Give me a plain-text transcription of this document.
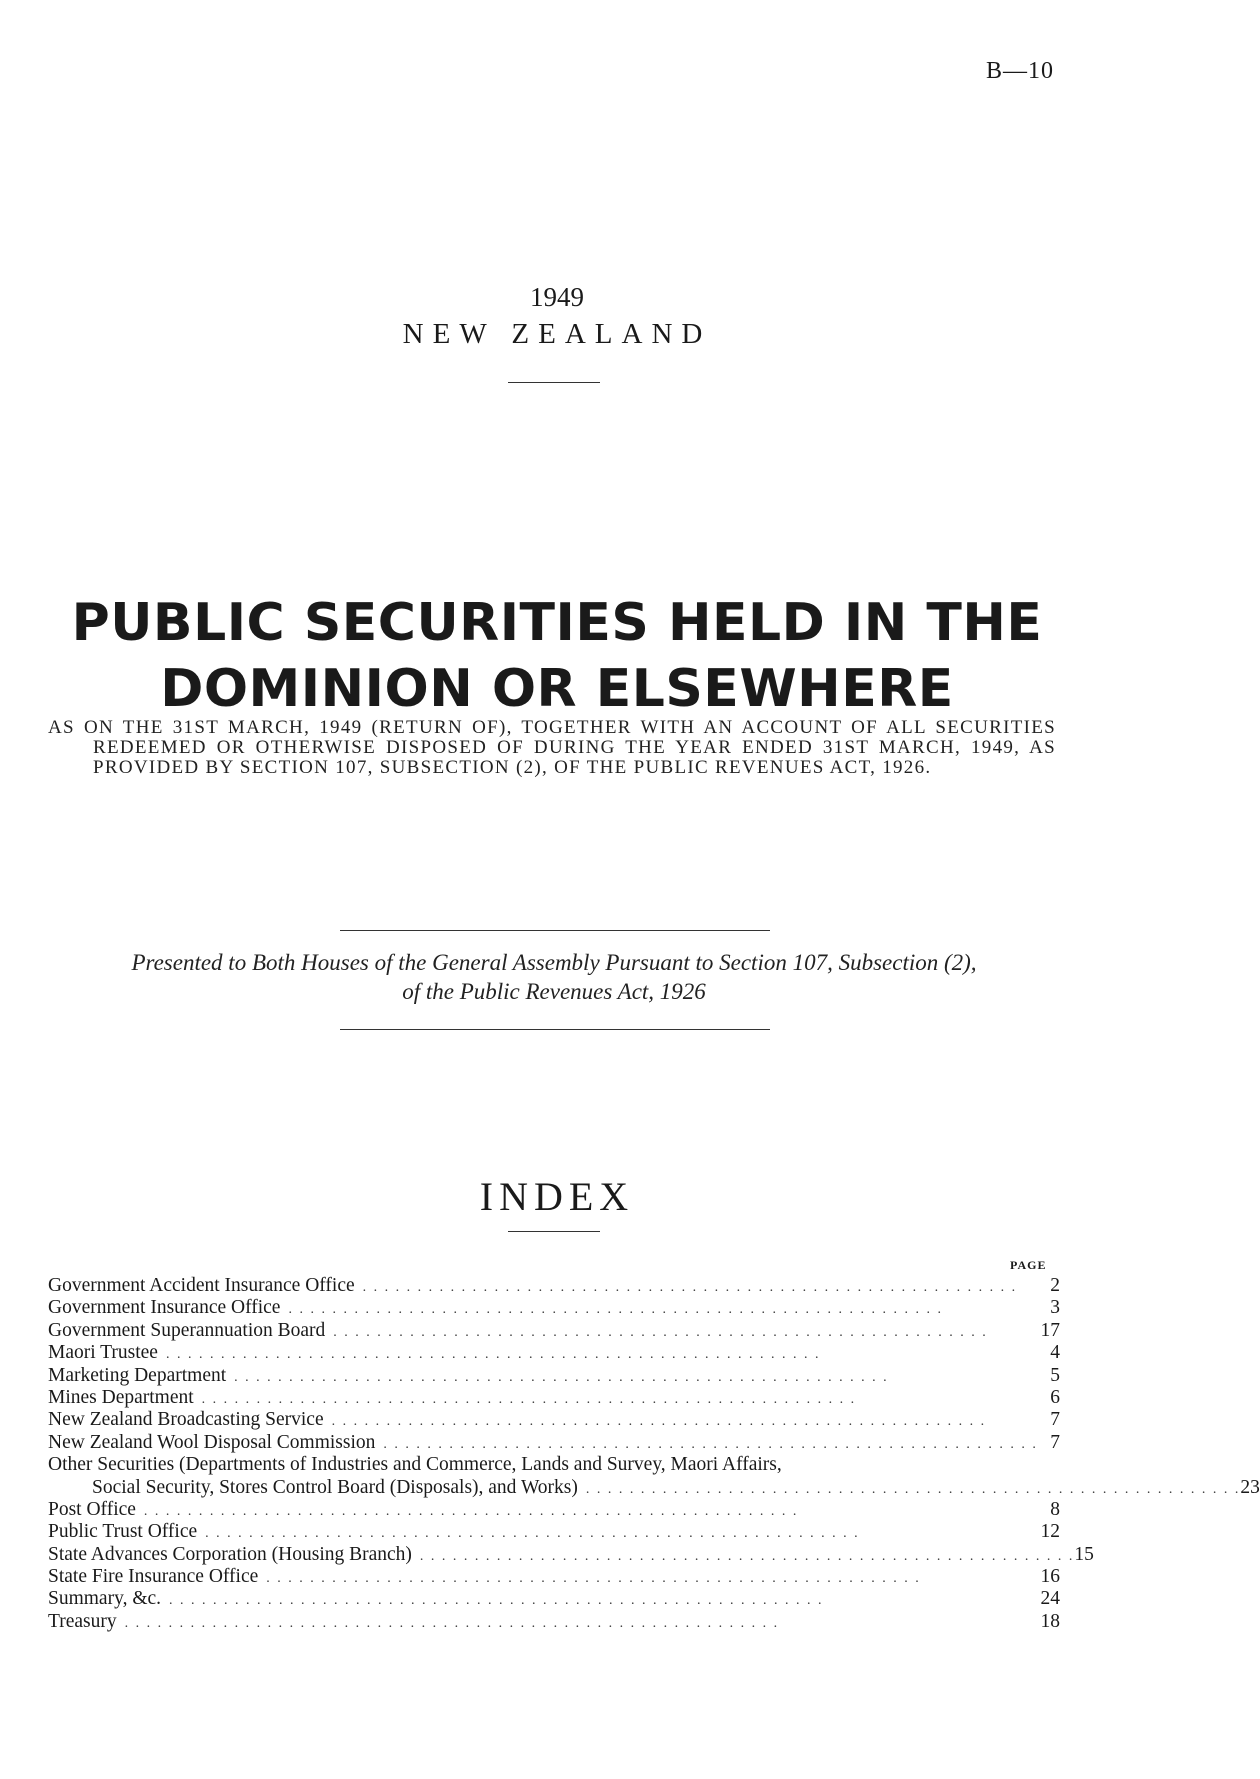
B—10
1949
NEW ZEALAND
PUBLIC SECURITIES HELD IN THE
DOMINION OR ELSEWHERE
AS ON THE 31ST MARCH, 1949 (RETURN OF), TOGETHER WITH AN ACCOUNT OF ALL SECURITIES REDEEMED OR OTHERWISE DISPOSED OF DURING THE YEAR ENDED 31ST MARCH, 1949, AS PROVIDED BY SECTION 107, SUBSECTION (2), OF THE PUBLIC REVENUES ACT, 1926.
Presented to Both Houses of the General Assembly Pursuant to Section 107, Subsection (2),
of the Public Revenues Act, 1926
INDEX
PAGE
Government Accident Insurance Office . . . . . . . . . . . . . . . . . . . . . . . . . . . . . . . . . . . . . . . . . . . . . . . . . . . . . . . . . . . .	2
Government Insurance Office . . . . . . . . . . . . . . . . . . . . . . . . . . . . . . . . . . . . . . . . . . . . . . . . . . . . . . . . . . . .	3
Government Superannuation Board . . . . . . . . . . . . . . . . . . . . . . . . . . . . . . . . . . . . . . . . . . . . . . . . . . . . . . . . . . . .	17
Maori Trustee . . . . . . . . . . . . . . . . . . . . . . . . . . . . . . . . . . . . . . . . . . . . . . . . . . . . . . . . . . . .	4
Marketing Department . . . . . . . . . . . . . . . . . . . . . . . . . . . . . . . . . . . . . . . . . . . . . . . . . . . . . . . . . . . .	5
Mines Department . . . . . . . . . . . . . . . . . . . . . . . . . . . . . . . . . . . . . . . . . . . . . . . . . . . . . . . . . . . .	6
New Zealand Broadcasting Service . . . . . . . . . . . . . . . . . . . . . . . . . . . . . . . . . . . . . . . . . . . . . . . . . . . . . . . . . . . .	7
New Zealand Wool Disposal Commission . . . . . . . . . . . . . . . . . . . . . . . . . . . . . . . . . . . . . . . . . . . . . . . . . . . . . . . . . . . . 7
Other Securities (Departments of Industries and Commerce, Lands and Survey, Maori Affairs,
Social Security, Stores Control Board (Disposals), and Works) . . . . . . . . . . . . . . . . . . . . . . . . . . . . . . . . . . . . . . . . . . . . . . . . . . . . . . . . . . . . 23
Post Office . . . . . . . . . . . . . . . . . . . . . . . . . . . . . . . . . . . . . . . . . . . . . . . . . . . . . . . . . . . .	8
Public Trust Office . . . . . . . . . . . . . . . . . . . . . . . . . . . . . . . . . . . . . . . . . . . . . . . . . . . . . . . . . . . .	12
State Advances Corporation (Housing Branch) . . . . . . . . . . . . . . . . . . . . . . . . . . . . . . . . . . . . . . . . . . . . . . . . . . . . . . . . . . . . 15
State Fire Insurance Office . . . . . . . . . . . . . . . . . . . . . . . . . . . . . . . . . . . . . . . . . . . . . . . . . . . . . . . . . . . .	16
Summary, &c. . . . . . . . . . . . . . . . . . . . . . . . . . . . . . . . . . . . . . . . . . . . . . . . . . . . . . . . . . . . .	24
Treasury . . . . . . . . . . . . . . . . . . . . . . . . . . . . . . . . . . . . . . . . . . . . . . . . . . . . . . . . . . . .	18
